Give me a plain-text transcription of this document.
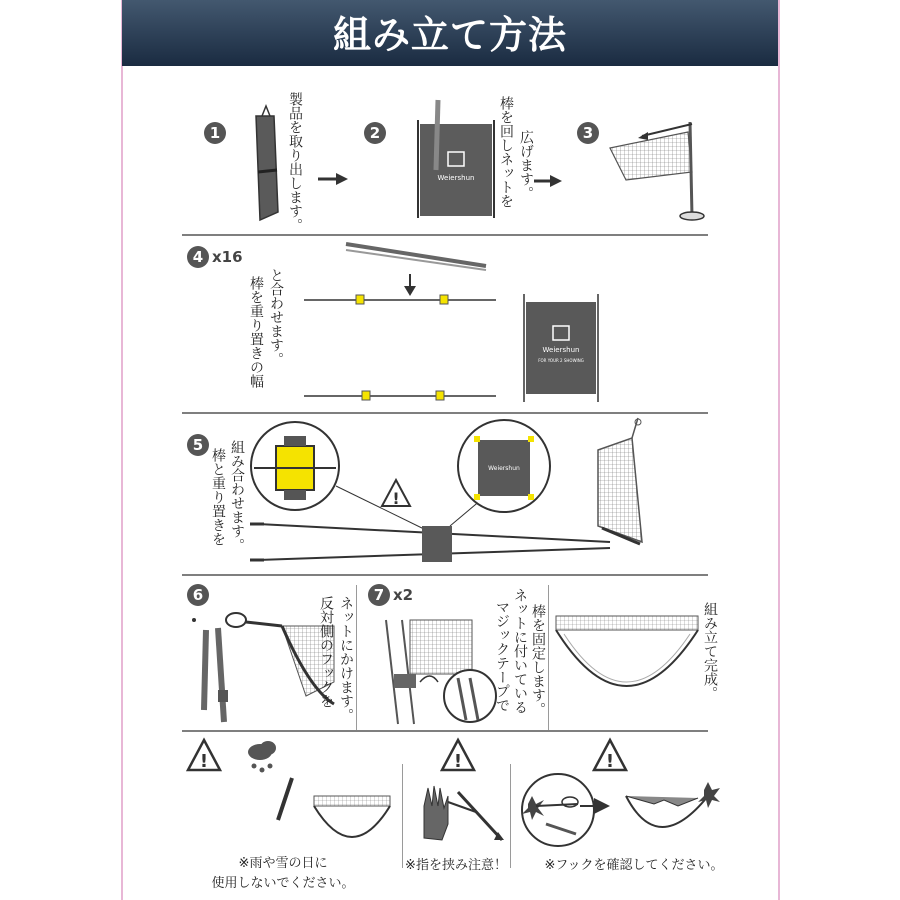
組み立て方法
1	製品を取り出します。	2
Weiershun 棒を回しネットを 広げます。	3
4 x16
棒を重り置きの幅 と合わせます。	Weiershun
FOR YOUR 2 SHOWING
5
棒と重り置きを 組み合わせます。	!
Weiershun
6
反対側のフックを ネットにかけます。
7 x2
マジックテープで ネットに付いている 棒を固定します。	組み立て完成。
!
※雨や雪の日に
使用しないでください。
!
※指を挟み注意！
!
※フックを確認してください。
